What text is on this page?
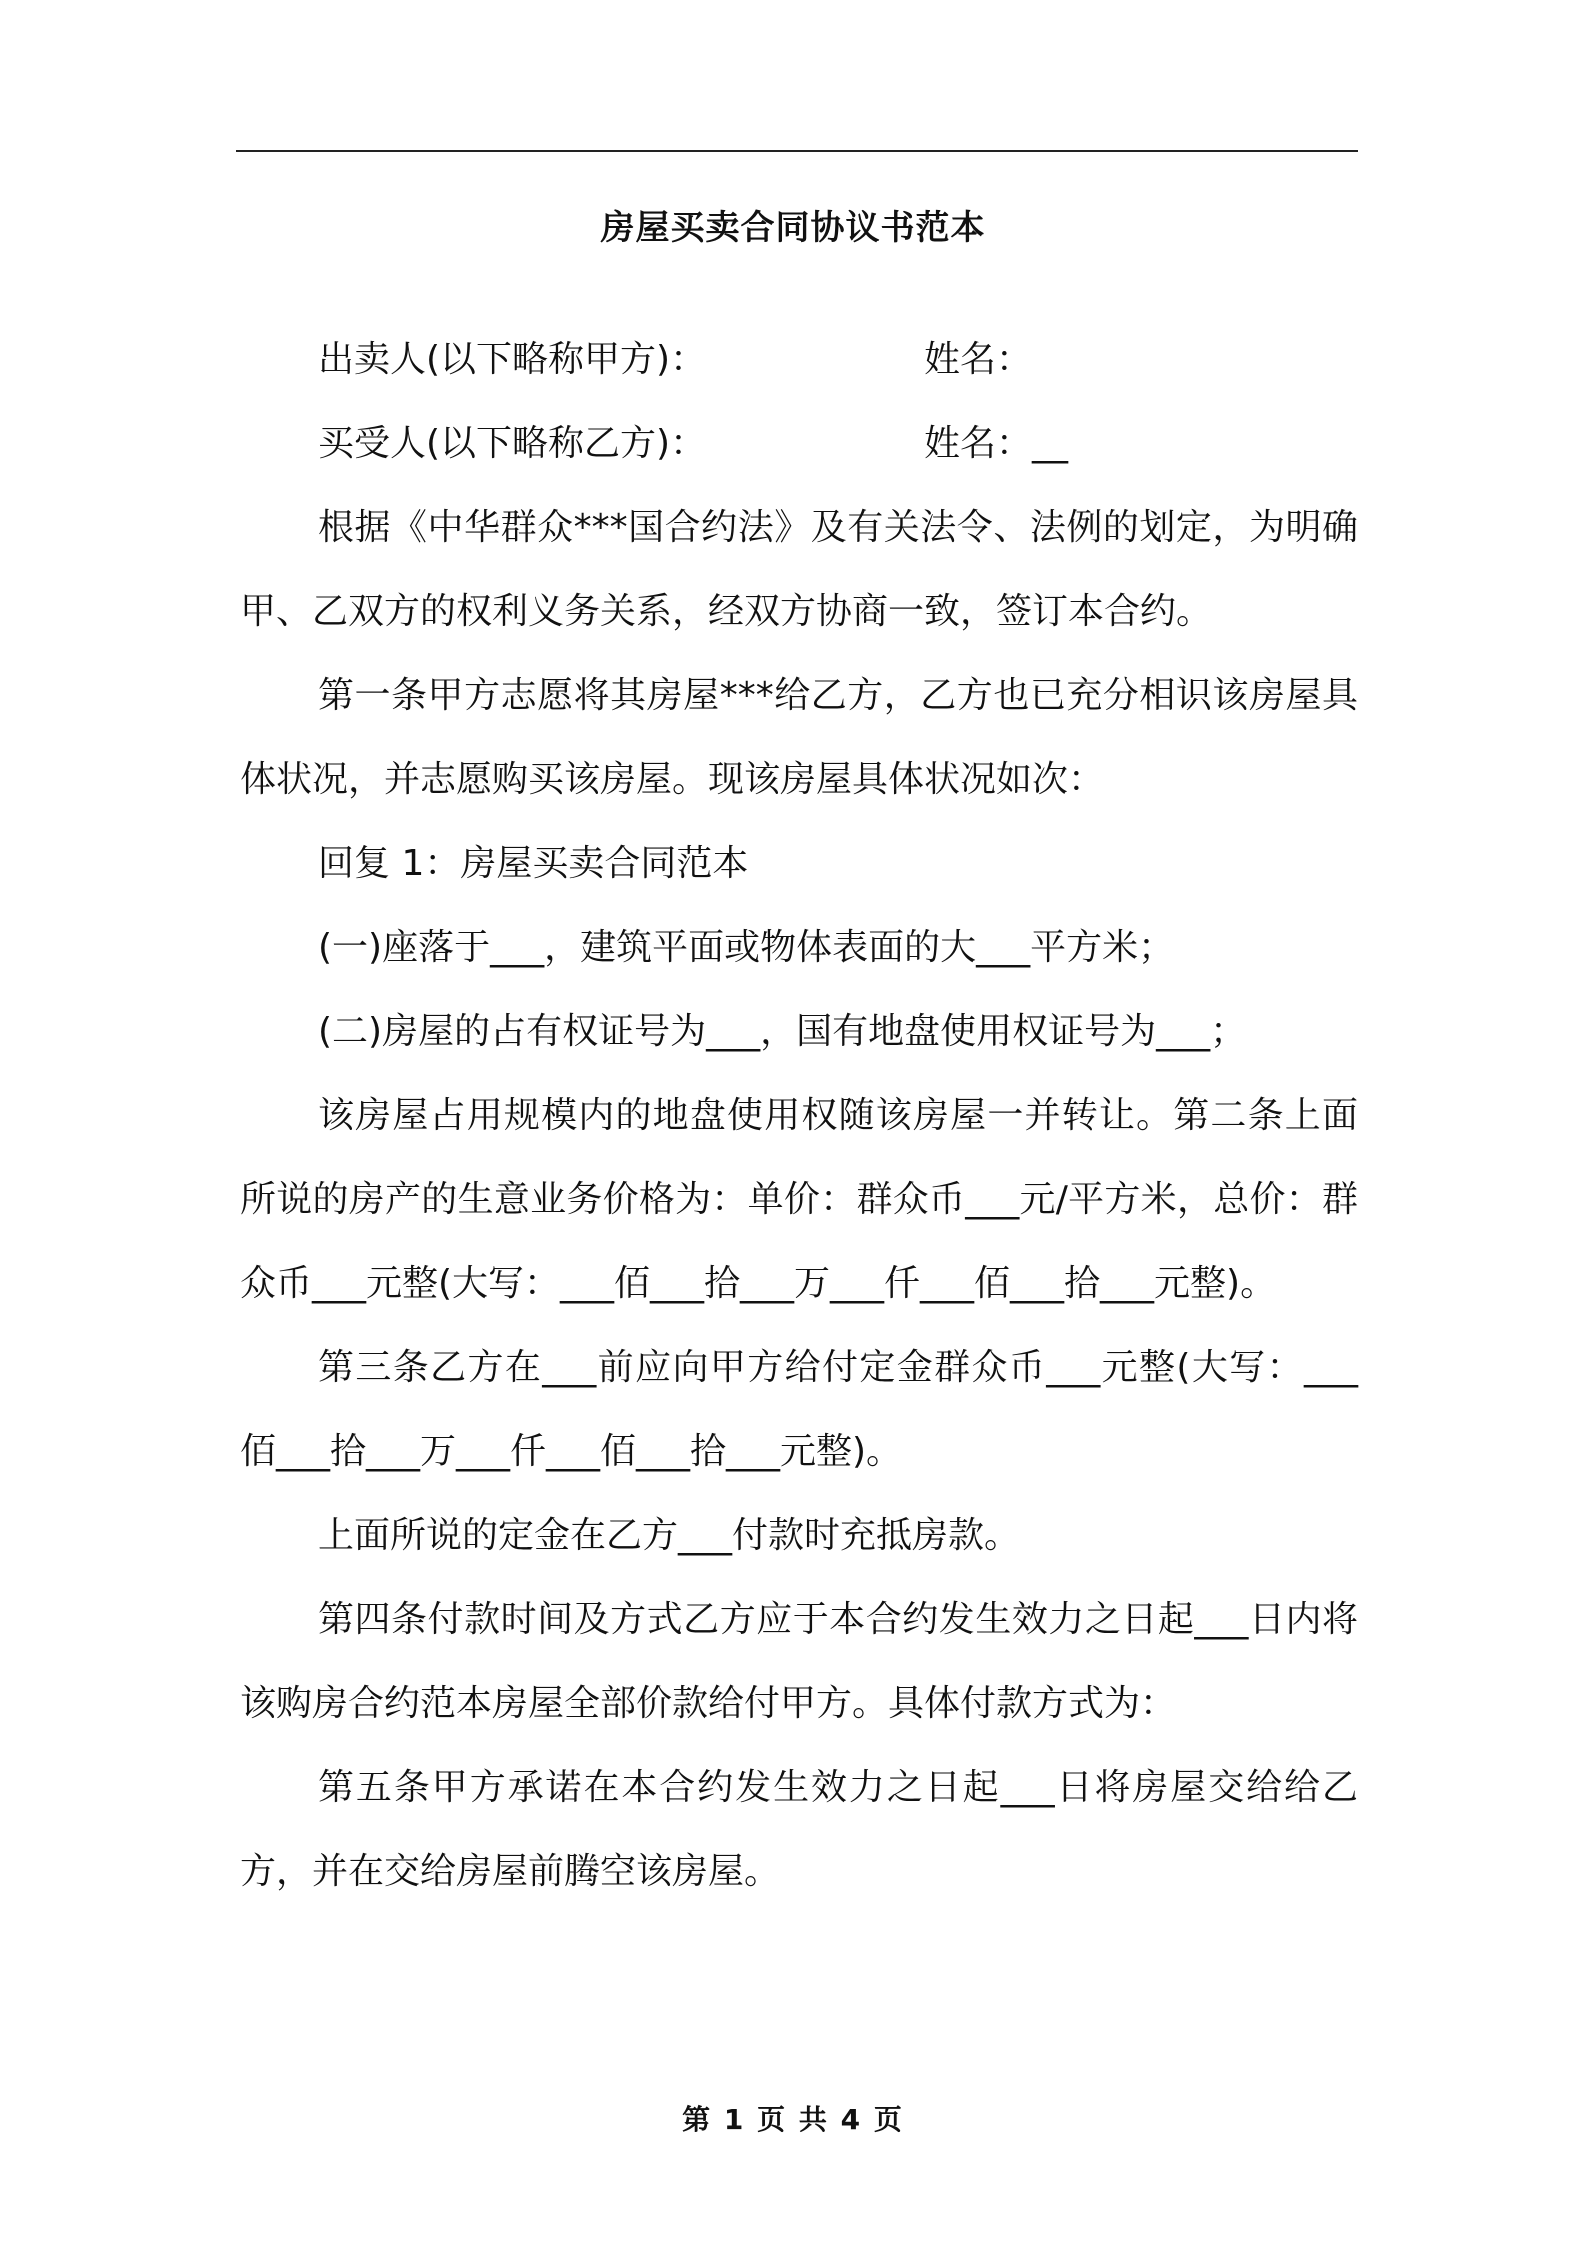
房屋买卖合同协议书范本
出卖人(以下略称甲方)：	姓名：
买受人(以下略称乙方)：	姓名：__

根据《中华群众***国合约法》及有关法令、法例的划定，为明确甲、乙双方的权利义务关系，经双方协商一致，签订本合约。

第一条甲方志愿将其房屋***给乙方，乙方也已充分相识该房屋具体状况，并志愿购买该房屋。现该房屋具体状况如次：

回复 1：房屋买卖合同范本

(一)座落于___，建筑平面或物体表面的大___平方米；

(二)房屋的占有权证号为___，国有地盘使用权证号为___；

该房屋占用规模内的地盘使用权随该房屋一并转让。第二条上面所说的房产的生意业务价格为：单价：群众币___元/平方米，总价：群众币___元整(大写：___佰___拾___万___仟___佰___拾___元整)。

第三条乙方在___前应向甲方给付定金群众币___元整(大写：___佰___拾___万___仟___佰___拾___元整)。

上面所说的定金在乙方___付款时充抵房款。

第四条付款时间及方式乙方应于本合约发生效力之日起___日内将该购房合约范本房屋全部价款给付甲方。具体付款方式为：

第五条甲方承诺在本合约发生效力之日起___日将房屋交给给乙方，并在交给房屋前腾空该房屋。

第 1 页 共 4 页
